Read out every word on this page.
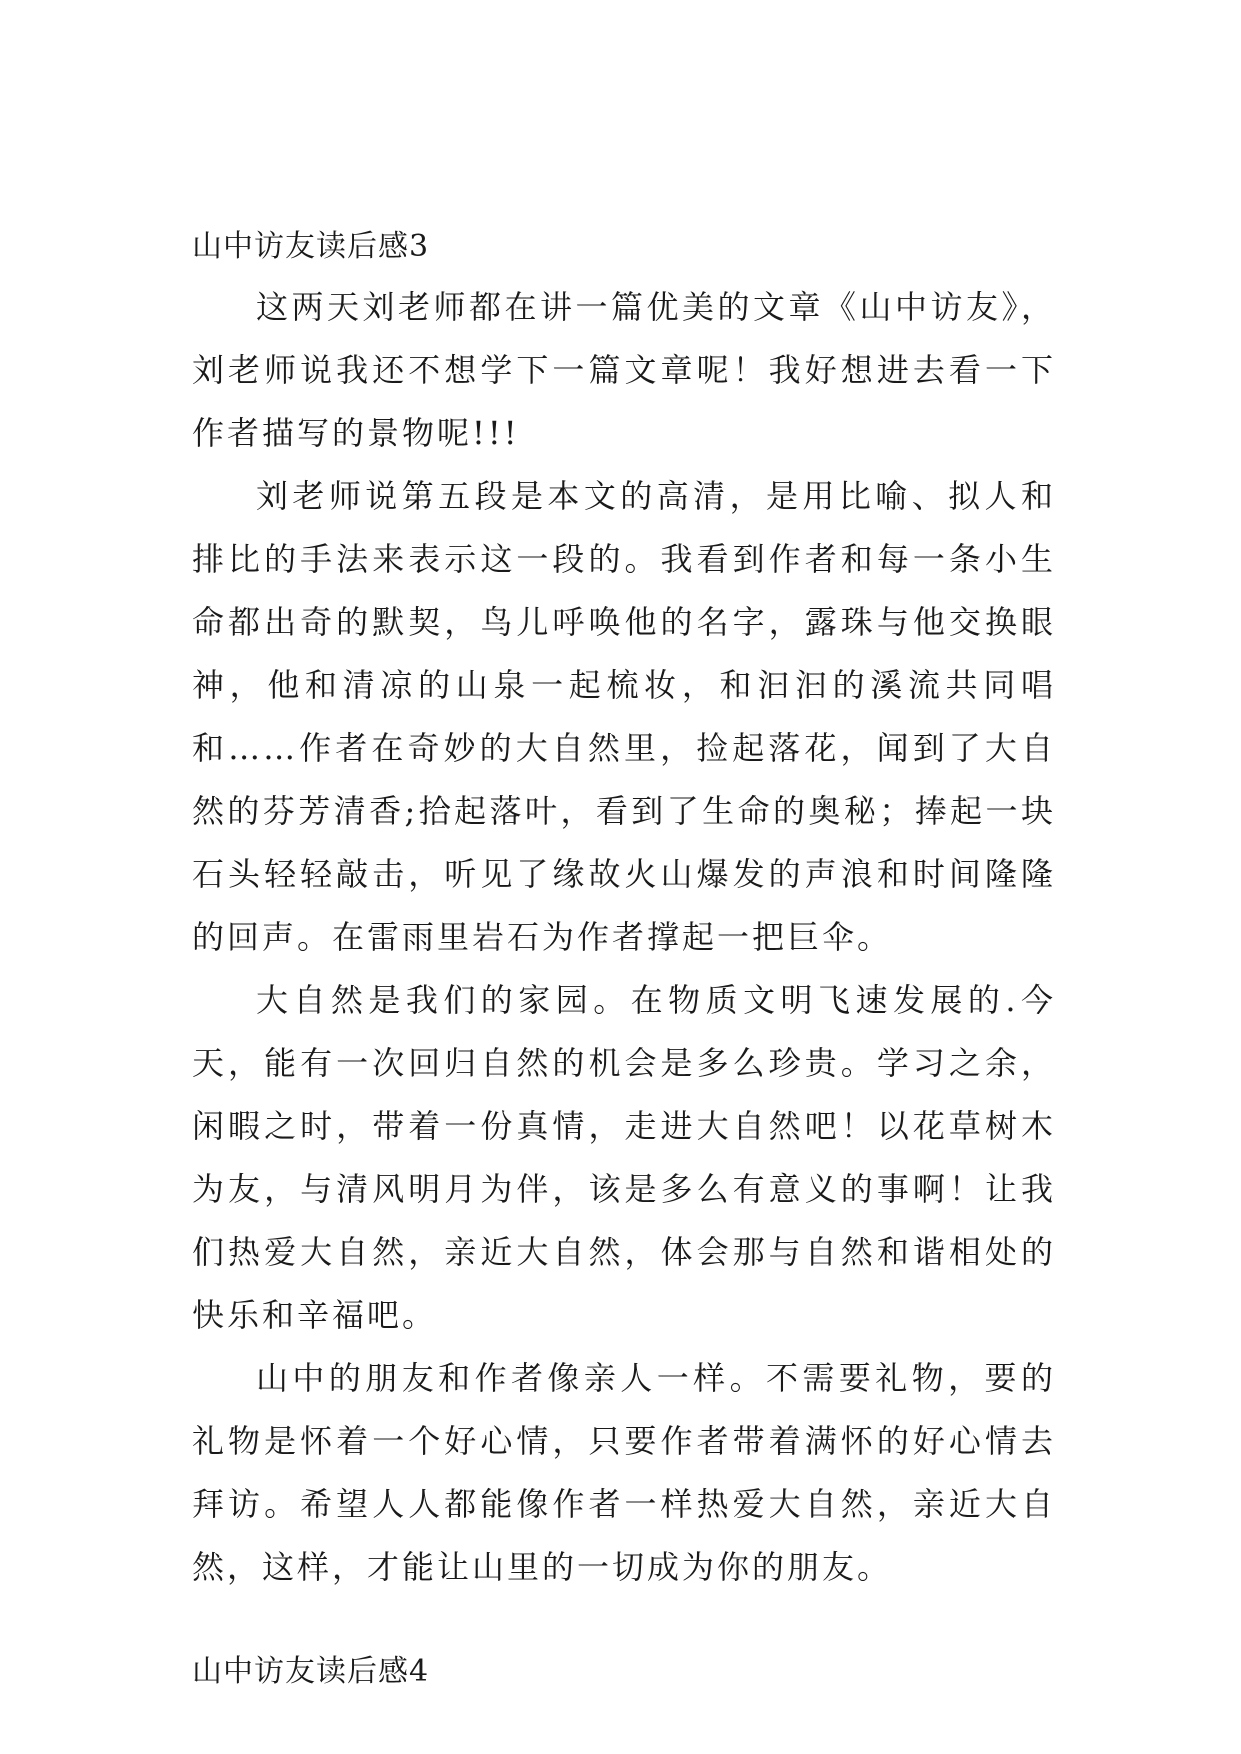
山中访友读后感3

这两天刘老师都在讲一篇优美的文章《山中访友》，刘老师说我还不想学下一篇文章呢！我好想进去看一下作者描写的景物呢!!!

刘老师说第五段是本文的高清，是用比喻、拟人和排比的手法来表示这一段的。我看到作者和每一条小生命都出奇的默契，鸟儿呼唤他的名字，露珠与他交换眼神，他和清凉的山泉一起梳妆，和汩汩的溪流共同唱和……作者在奇妙的大自然里，捡起落花，闻到了大自然的芬芳清香;拾起落叶，看到了生命的奥秘；捧起一块石头轻轻敲击，听见了缘故火山爆发的声浪和时间隆隆的回声。在雷雨里岩石为作者撑起一把巨伞。

大自然是我们的家园。在物质文明飞速发展的.今天，能有一次回归自然的机会是多么珍贵。学习之余，闲暇之时，带着一份真情，走进大自然吧！以花草树木为友，与清风明月为伴，该是多么有意义的事啊！让我们热爱大自然，亲近大自然，体会那与自然和谐相处的快乐和辛福吧。

山中的朋友和作者像亲人一样。不需要礼物，要的礼物是怀着一个好心情，只要作者带着满怀的好心情去拜访。希望人人都能像作者一样热爱大自然，亲近大自然，这样，才能让山里的一切成为你的朋友。

山中访友读后感4
